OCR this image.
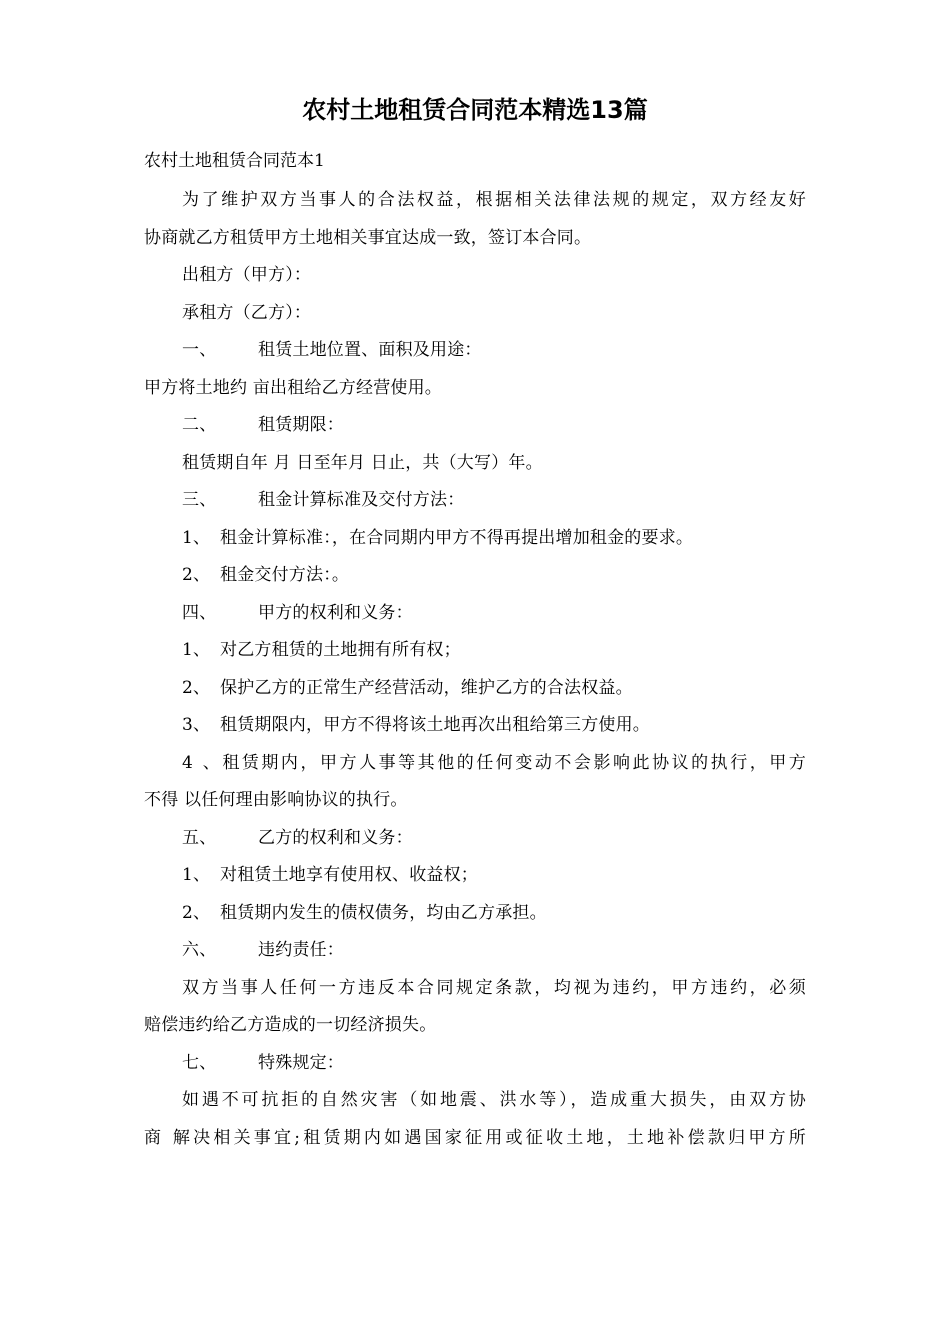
农村土地租赁合同范本精选13篇

农村土地租赁合同范本1

为了维护双方当事人的合法权益，根据相关法律法规的规定，双方经友好

协商就乙方租赁甲方土地相关事宜达成一致，签订本合同。

出租方（甲方）：

承租方（乙方）：

一、 租赁土地位置、面积及用途：

甲方将土地约 亩出租给乙方经营使用。

二、 租赁期限：

租赁期自年 月 日至年月 日止，共（大写）年。

三、 租金计算标准及交付方法：

1、 租金计算标准：，在合同期内甲方不得再提出增加租金的要求。

2、 租金交付方法：。

四、 甲方的权利和义务：

1、 对乙方租赁的土地拥有所有权；

2、 保护乙方的正常生产经营活动，维护乙方的合法权益。

3、 租赁期限内，甲方不得将该土地再次出租给第三方使用。

4、租赁期内，甲方人事等其他的任何变动不会影响此协议的执行，甲方

不得 以任何理由影响协议的执行。

五、 乙方的权利和义务：

1、 对租赁土地享有使用权、收益权；

2、 租赁期内发生的债权债务，均由乙方承担。

六、 违约责任：

双方当事人任何一方违反本合同规定条款，均视为违约，甲方违约，必须

赔偿违约给乙方造成的一切经济损失。

七、 特殊规定：

如遇不可抗拒的自然灾害（如地震、洪水等），造成重大损失，由双方协

商 解决相关事宜;租赁期内如遇国家征用或征收土地，土地补偿款归甲方所
